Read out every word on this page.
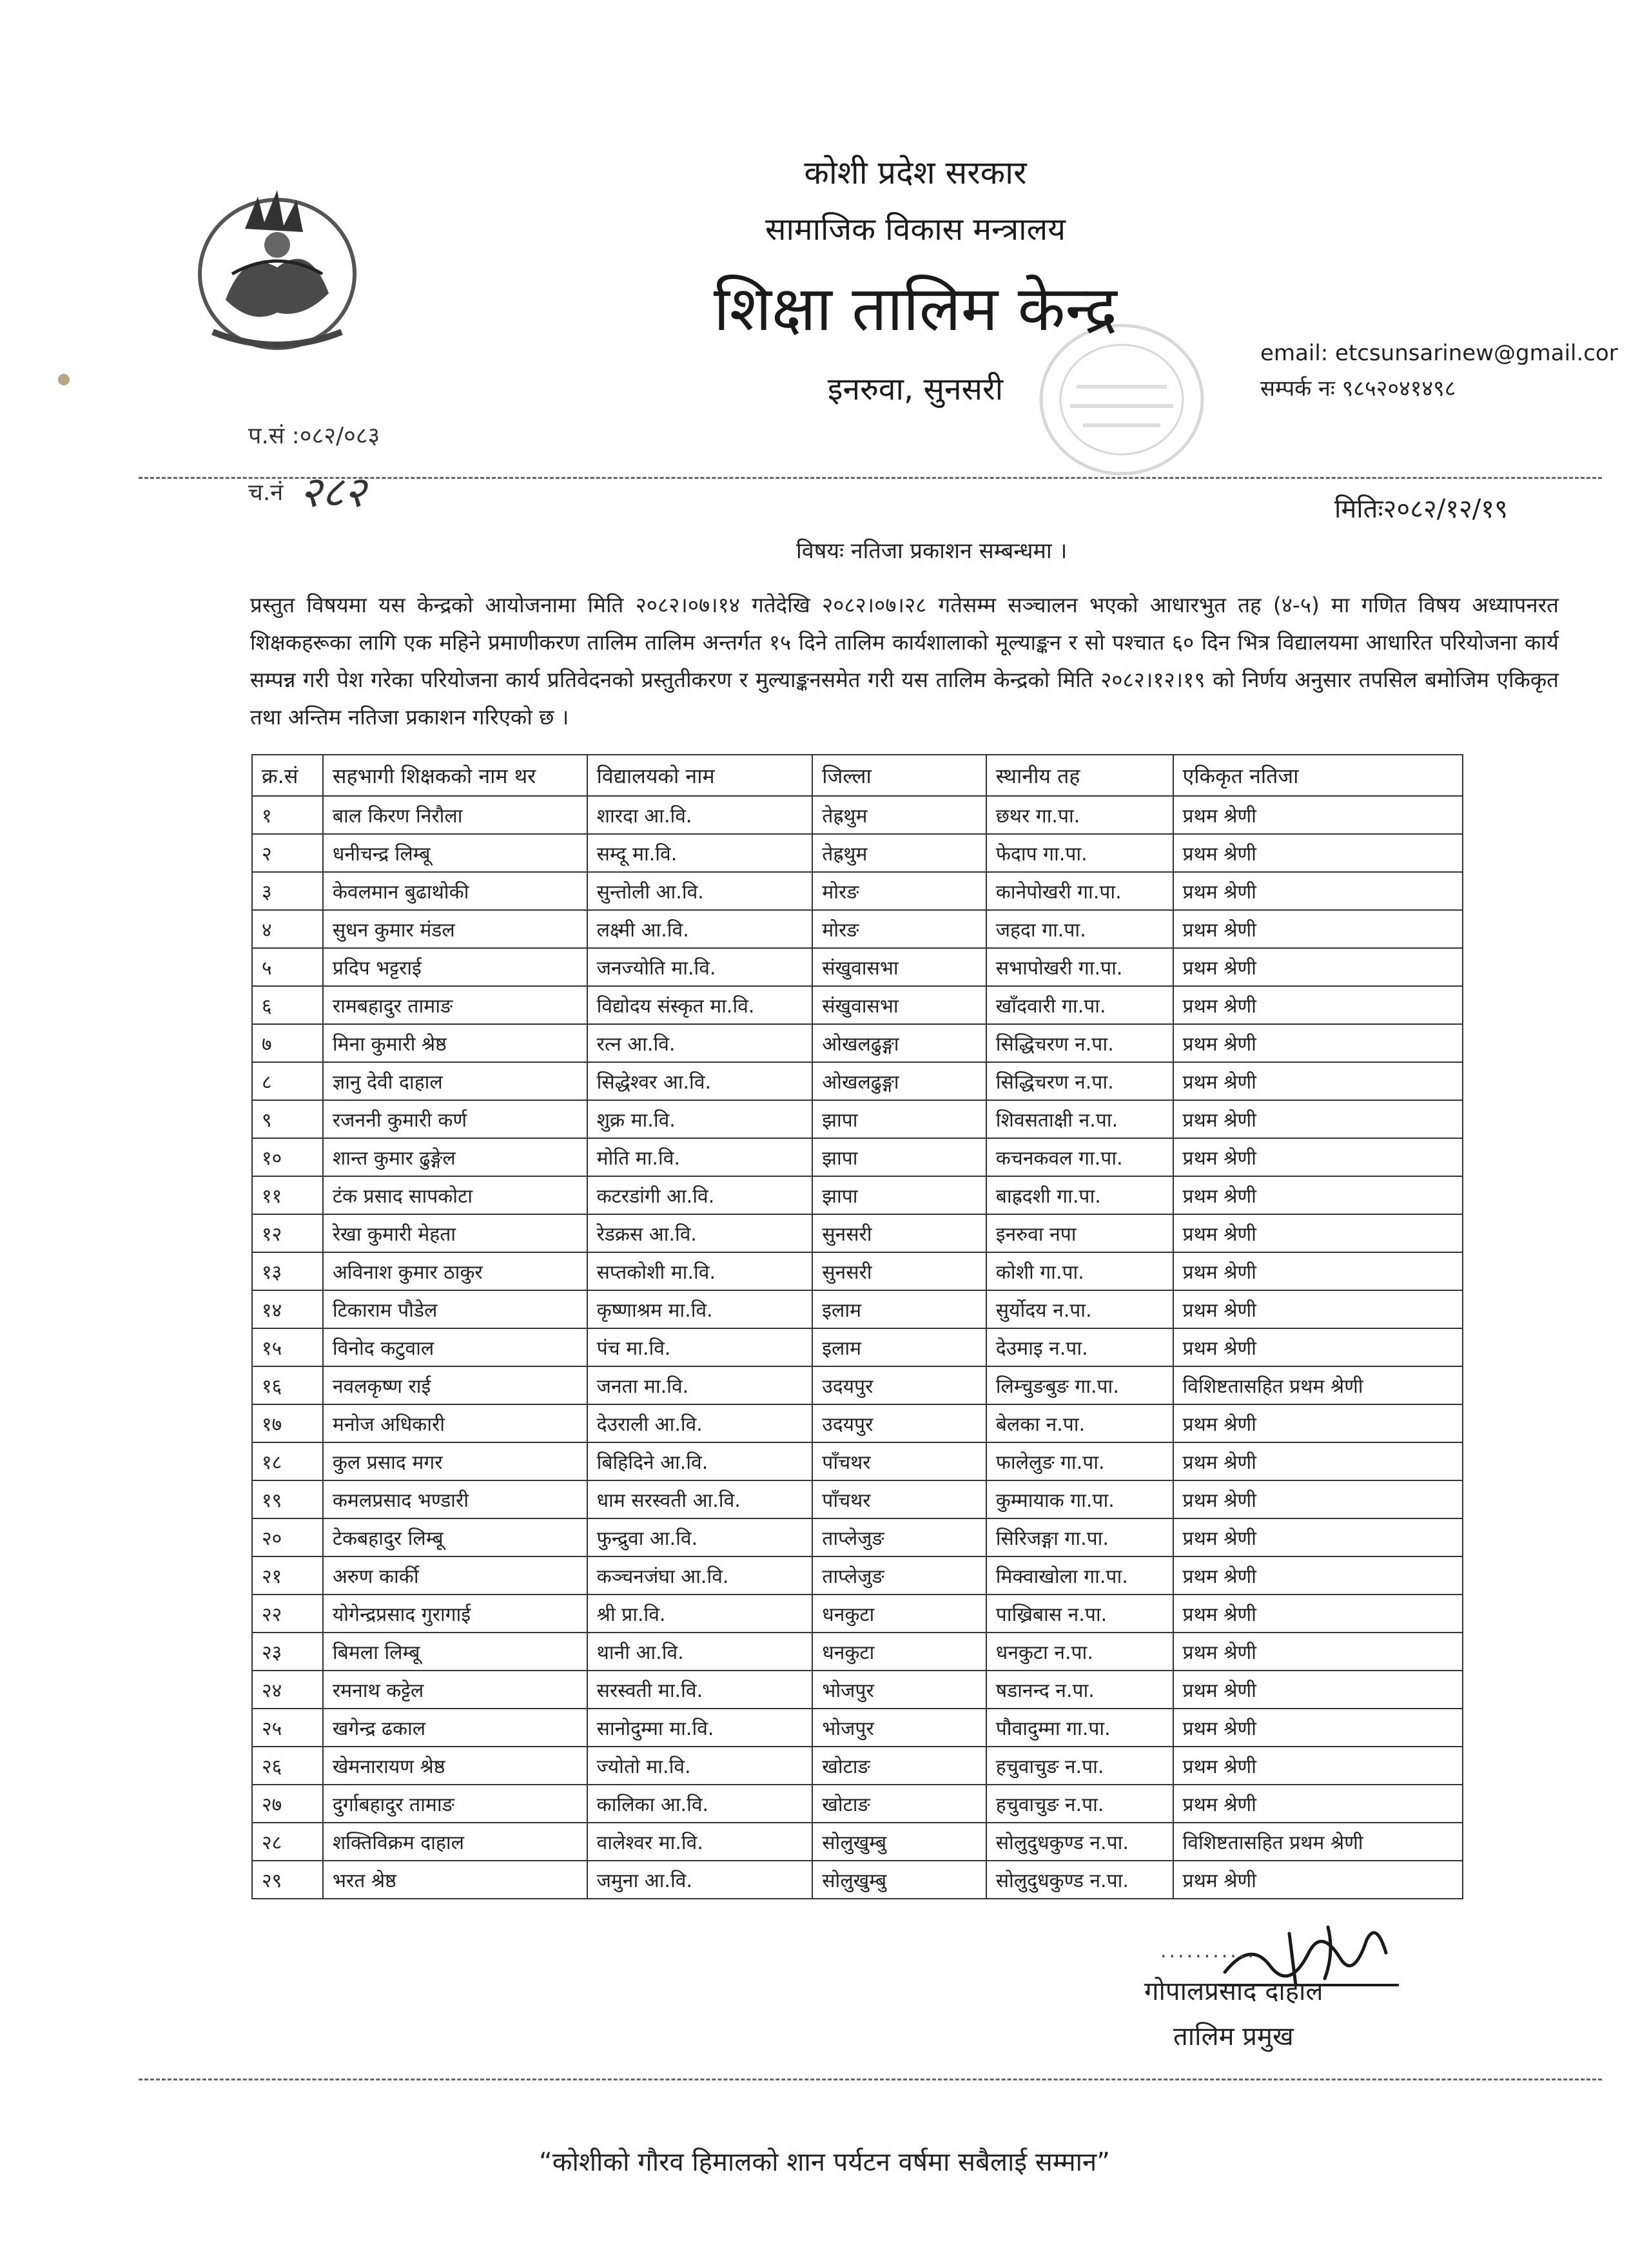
कोशी प्रदेश सरकार
सामाजिक विकास मन्त्रालय
शिक्षा तालिम केन्द्र
इनरुवा, सुनसरी
email: etcsunsarinew@gmail.cor
सम्पर्क नः ९८५२०४१४९८
प.सं :०८२/०८३
च.नं २८२	मितिः२०८२/१२/१९
विषयः नतिजा प्रकाशन सम्बन्धमा ।
प्रस्तुत विषयमा यस केन्द्रको आयोजनामा मिति २०८२।०७।१४ गतेदेखि २०८२।०७।२८ गतेसम्म सञ्चालन भएको आधारभुत तह (४-५) मा गणित विषय अध्यापनरत शिक्षकहरूका लागि एक महिने प्रमाणीकरण तालिम तालिम अन्तर्गत १५ दिने तालिम कार्यशालाको मूल्याङ्कन र सो पश्चात ६० दिन भित्र विद्यालयमा आधारित परियोजना कार्य सम्पन्न गरी पेश गरेका परियोजना कार्य प्रतिवेदनको प्रस्तुतीकरण र मुल्याङ्कनसमेत गरी यस तालिम केन्द्रको मिति २०८२।१२।१९ को निर्णय अनुसार तपसिल बमोजिम एकिकृत तथा अन्तिम नतिजा प्रकाशन गरिएको छ ।
क्र.सं	सहभागी शिक्षकको नाम थर	विद्यालयको नाम	जिल्ला	स्थानीय तह	एकिकृत नतिजा
१	बाल किरण निरौला	शारदा आ.वि.	तेह्रथुम	छथर गा.पा.	प्रथम श्रेणी
२	धनीचन्द्र लिम्बू	सम्दू मा.वि.	तेह्रथुम	फेदाप गा.पा.	प्रथम श्रेणी
३	केवलमान बुढाथोकी	सुन्तोली आ.वि.	मोरङ	कानेपोखरी गा.पा.	प्रथम श्रेणी
४	सुधन कुमार मंडल	लक्ष्मी आ.वि.	मोरङ	जहदा गा.पा.	प्रथम श्रेणी
५	प्रदिप भट्टराई	जनज्योति मा.वि.	संखुवासभा	सभापोखरी गा.पा.	प्रथम श्रेणी
६	रामबहादुर तामाङ	विद्योदय संस्कृत मा.वि.	संखुवासभा	खाँदवारी गा.पा.	प्रथम श्रेणी
७	मिना कुमारी श्रेष्ठ	रत्न आ.वि.	ओखलढुङ्गा	सिद्धिचरण न.पा.	प्रथम श्रेणी
८	ज्ञानु देवी दाहाल	सिद्धेश्वर आ.वि.	ओखलढुङ्गा	सिद्धिचरण न.पा.	प्रथम श्रेणी
९	रजननी कुमारी कर्ण	शुक्र मा.वि.	झापा	शिवसताक्षी न.पा.	प्रथम श्रेणी
१०	शान्त कुमार ढुङ्गेल	मोति मा.वि.	झापा	कचनकवल गा.पा.	प्रथम श्रेणी
११	टंक प्रसाद सापकोटा	कटरडांगी आ.वि.	झापा	बाह्रदशी गा.पा.	प्रथम श्रेणी
१२	रेखा कुमारी मेहता	रेडक्रस आ.वि.	सुनसरी	इनरुवा नपा	प्रथम श्रेणी
१३	अविनाश कुमार ठाकुर	सप्तकोशी मा.वि.	सुनसरी	कोशी गा.पा.	प्रथम श्रेणी
१४	टिकाराम पौडेल	कृष्णाश्रम मा.वि.	इलाम	सुर्योदय न.पा.	प्रथम श्रेणी
१५	विनोद कटुवाल	पंच मा.वि.	इलाम	देउमाइ न.पा.	प्रथम श्रेणी
१६	नवलकृष्ण राई	जनता मा.वि.	उदयपुर	लिम्चुङबुङ गा.पा.	विशिष्टतासहित प्रथम श्रेणी
१७	मनोज अधिकारी	देउराली आ.वि.	उदयपुर	बेलका न.पा.	प्रथम श्रेणी
१८	कुल प्रसाद मगर	बिहिदिने आ.वि.	पाँचथर	फालेलुङ गा.पा.	प्रथम श्रेणी
१९	कमलप्रसाद भण्डारी	धाम सरस्वती आ.वि.	पाँचथर	कुम्मायाक गा.पा.	प्रथम श्रेणी
२०	टेकबहादुर लिम्बू	फुन्द्रुवा आ.वि.	ताप्लेजुङ	सिरिजङ्गा गा.पा.	प्रथम श्रेणी
२१	अरुण कार्की	कञ्चनजंघा आ.वि.	ताप्लेजुङ	मिक्वाखोला गा.पा.	प्रथम श्रेणी
२२	योगेन्द्रप्रसाद गुरागाई	श्री प्रा.वि.	धनकुटा	पाख्रिबास न.पा.	प्रथम श्रेणी
२३	बिमला लिम्बू	थानी आ.वि.	धनकुटा	धनकुटा न.पा.	प्रथम श्रेणी
२४	रमनाथ कट्टेल	सरस्वती मा.वि.	भोजपुर	षडानन्द न.पा.	प्रथम श्रेणी
२५	खगेन्द्र ढकाल	सानोदुम्मा मा.वि.	भोजपुर	पौवादुम्मा गा.पा.	प्रथम श्रेणी
२६	खेमनारायण श्रेष्ठ	ज्योतो मा.वि.	खोटाङ	हचुवाचुङ न.पा.	प्रथम श्रेणी
२७	दुर्गाबहादुर तामाङ	कालिका आ.वि.	खोटाङ	हचुवाचुङ न.पा.	प्रथम श्रेणी
२८	शक्तिविक्रम दाहाल	वालेश्वर मा.वि.	सोलुखुम्बु	सोलुदुधकुण्ड न.पा.	विशिष्टतासहित प्रथम श्रेणी
२९	भरत श्रेष्ठ	जमुना आ.वि.	सोलुखुम्बु	सोलुदुधकुण्ड न.पा.	प्रथम श्रेणी
...........
गोपालप्रसाद दाहाल
तालिम प्रमुख
“कोशीको गौरव हिमालको शान पर्यटन वर्षमा सबैलाई सम्मान”
